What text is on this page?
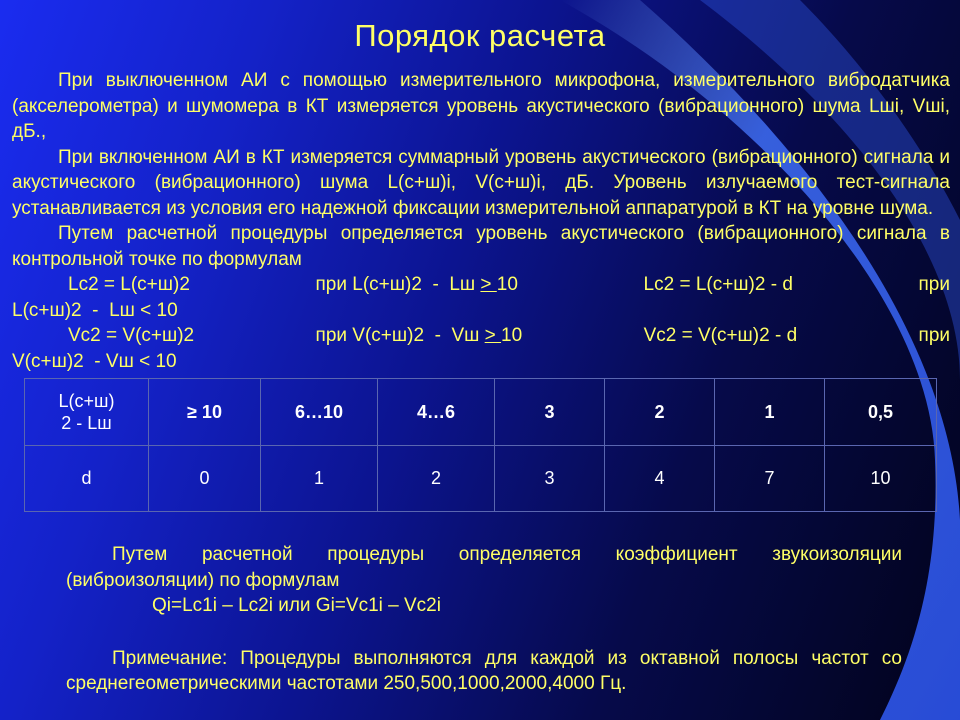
Порядок расчета
При выключенном АИ с помощью измерительного микрофона, измерительного вибродатчика (акселерометра) и шумомера в КТ измеряется уровень акустического (вибрационного) шума Lшi, Vшi, дБ.,
При включенном АИ в КТ измеряется суммарный уровень акустического (вибрационного) сигнала и акустического (вибрационного) шума L(с+ш)i, V(с+ш)i, дБ. Уровень излучаемого тест-сигнала устанавливается из условия его надежной фиксации измерительной аппаратурой в КТ на уровне шума.
Путем расчетной процедуры определяется уровень акустического (вибрационного) сигнала в контрольной точке по формулам
Lc2 = L(с+ш)2	при L(с+ш)2  -  Lш > 10	Lc2 = L(с+ш)2 - d	при
L(с+ш)2  -  Lш < 10
Vc2 = V(с+ш)2	при V(с+ш)2  -  Vш > 10	Vc2 = V(с+ш)2 - d	при
V(с+ш)2  - Vш < 10
L(с+ш)
2 - Lш	≥ 10	6…10	4…6	3	2	1	0,5
d	0	1	2	3	4	7	10
Путем расчетной процедуры определяется коэффициент звукоизоляции (виброизоляции) по формулам
Qi=Lc1i – Lc2i или Gi=Vc1i – Vc2i
Примечание: Процедуры выполняются для каждой из октавной полосы частот со среднегеометрическими частотами 250,500,1000,2000,4000 Гц.
